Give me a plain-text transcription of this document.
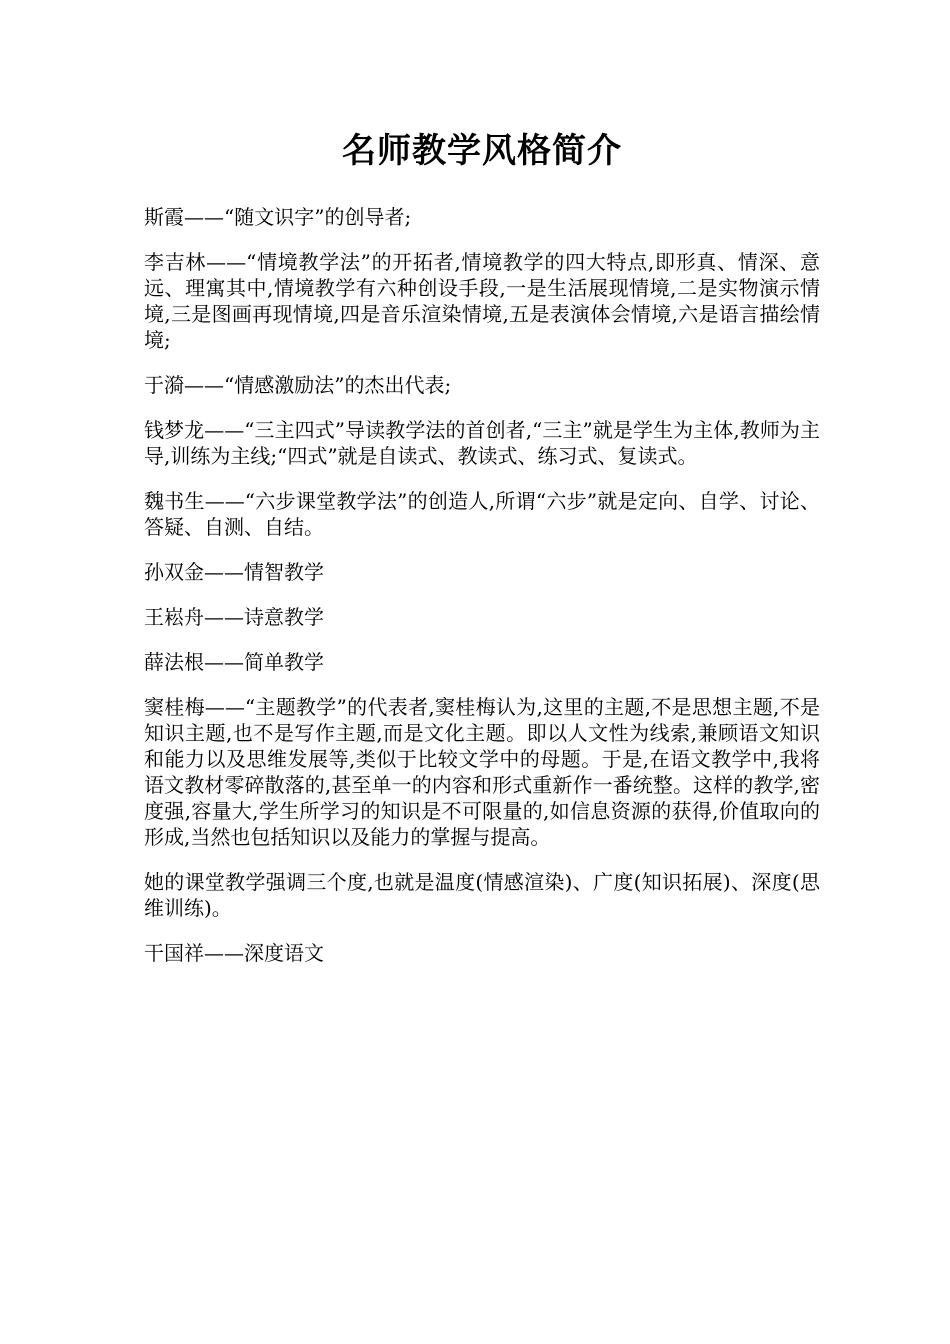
名师教学风格简介

斯霞——“随文识字”的创导者;

李吉林——“情境教学法”的开拓者,情境教学的四大特点,即形真、情深、意远、理寓其中,情境教学有六种创设手段,一是生活展现情境,二是实物演示情境,三是图画再现情境,四是音乐渲染情境,五是表演体会情境,六是语言描绘情境;

于漪——“情感激励法”的杰出代表;

钱梦龙——“三主四式”导读教学法的首创者,“三主”就是学生为主体,教师为主导,训练为主线;“四式”就是自读式、教读式、练习式、复读式。

魏书生——“六步课堂教学法”的创造人,所谓“六步”就是定向、自学、讨论、答疑、自测、自结。

孙双金——情智教学

王崧舟——诗意教学

薛法根——简单教学

窦桂梅——“主题教学”的代表者,窦桂梅认为,这里的主题,不是思想主题,不是知识主题,也不是写作主题,而是文化主题。即以人文性为线索,兼顾语文知识和能力以及思维发展等,类似于比较文学中的母题。于是,在语文教学中,我将语文教材零碎散落的,甚至单一的内容和形式重新作一番统整。这样的教学,密度强,容量大,学生所学习的知识是不可限量的,如信息资源的获得,价值取向的形成,当然也包括知识以及能力的掌握与提高。

她的课堂教学强调三个度,也就是温度(情感渲染)、广度(知识拓展)、深度(思维训练)。

干国祥——深度语文
